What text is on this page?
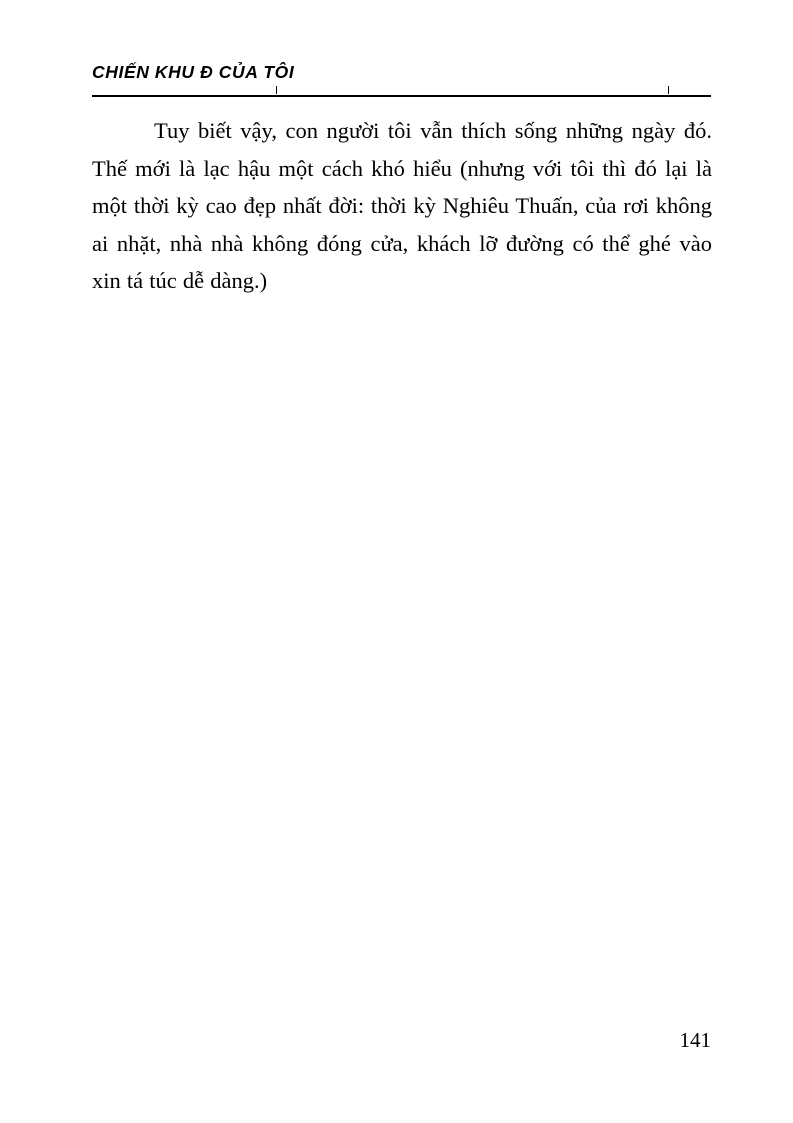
CHIẾN KHU Đ CỦA TÔI
Tuy biết vậy, con người tôi vẫn thích sống những ngày đó. Thế mới là lạc hậu một cách khó hiểu (nhưng với tôi thì đó lại là một thời kỳ cao đẹp nhất đời: thời kỳ Nghiêu Thuấn, của rơi không ai nhặt, nhà nhà không đóng cửa, khách lỡ đường có thể ghé vào xin tá túc dễ dàng.)
141
